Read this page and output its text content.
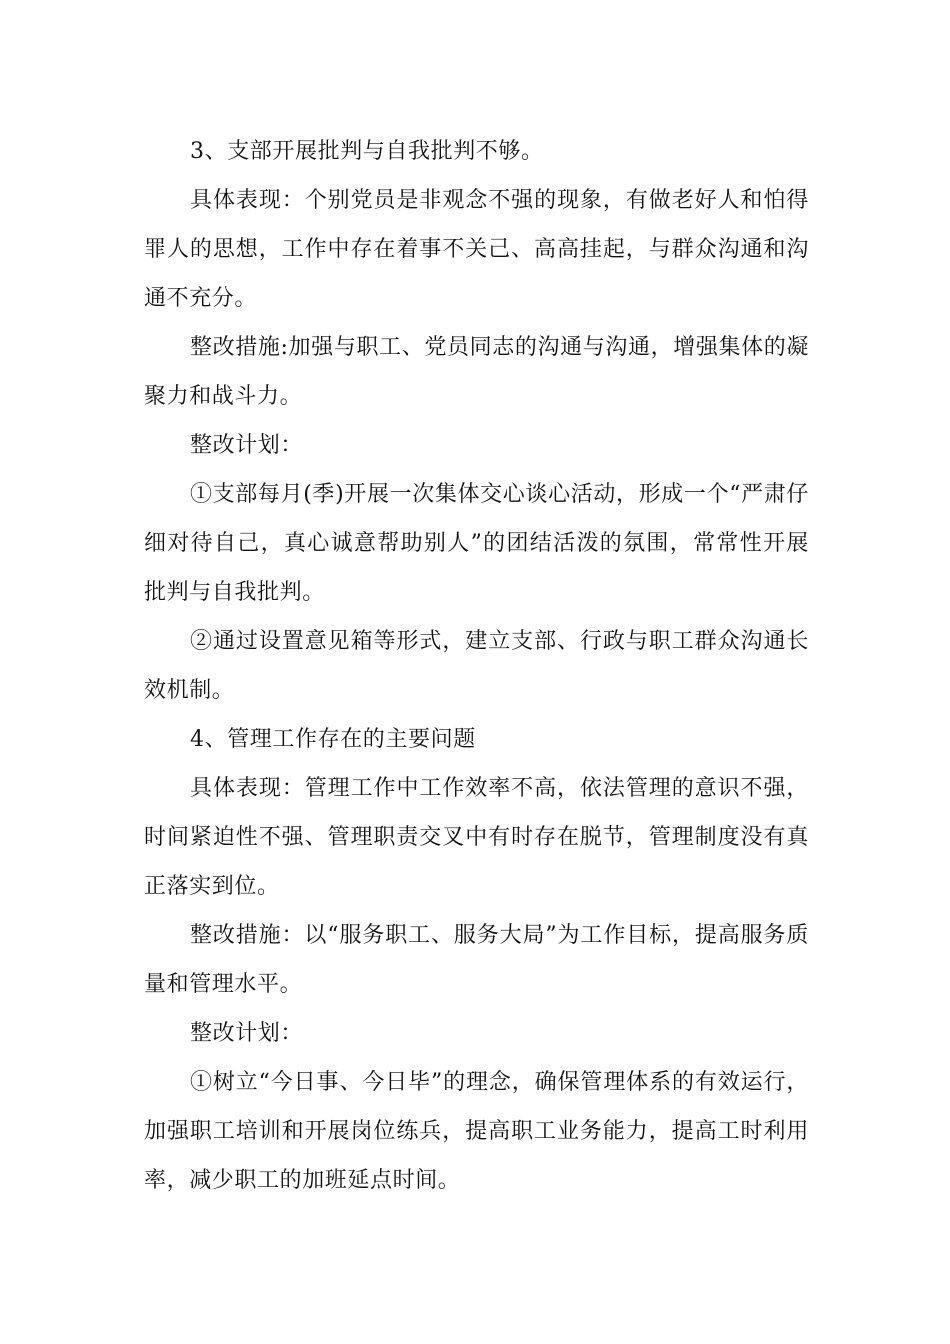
3、支部开展批判与自我批判不够。

具体表现：个别党员是非观念不强的现象，有做老好人和怕得罪人的思想，工作中存在着事不关己、高高挂起，与群众沟通和沟通不充分。

整改措施:加强与职工、党员同志的沟通与沟通，增强集体的凝聚力和战斗力。

整改计划：

①支部每月(季)开展一次集体交心谈心活动，形成一个“严肃仔细对待自己，真心诚意帮助别人”的团结活泼的氛围，常常性开展批判与自我批判。

②通过设置意见箱等形式，建立支部、行政与职工群众沟通长效机制。

4、管理工作存在的主要问题

具体表现：管理工作中工作效率不高，依法管理的意识不强，时间紧迫性不强、管理职责交叉中有时存在脱节，管理制度没有真正落实到位。

整改措施：以“服务职工、服务大局”为工作目标，提高服务质量和管理水平。

整改计划：

①树立“今日事、今日毕”的理念，确保管理体系的有效运行，加强职工培训和开展岗位练兵，提高职工业务能力，提高工时利用率，减少职工的加班延点时间。
